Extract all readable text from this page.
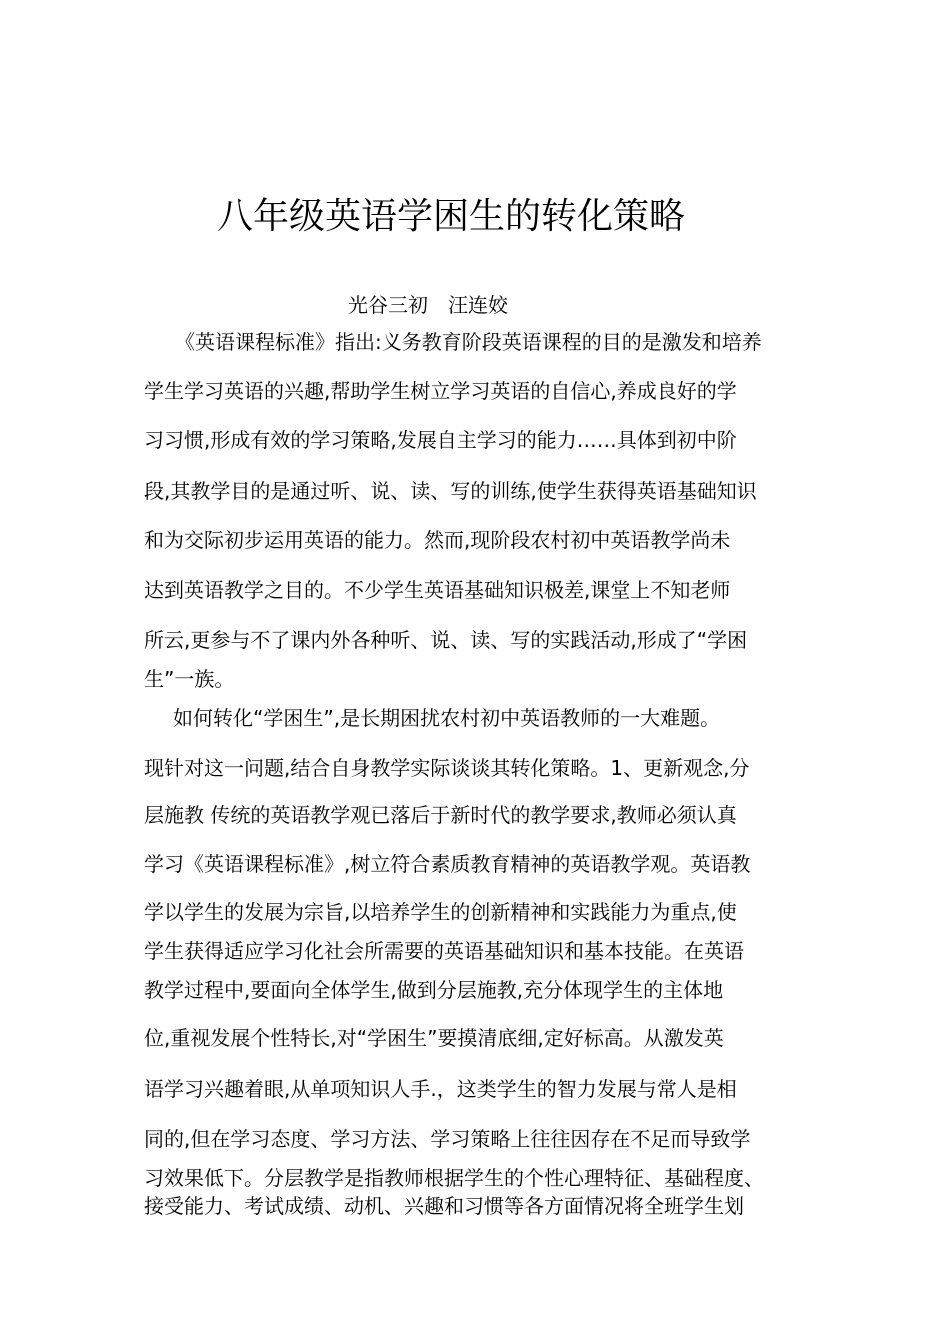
八年级英语学困生的转化策略
光谷三初　汪连姣
《英语课程标准》指出:义务教育阶段英语课程的目的是激发和培养
学生学习英语的兴趣,帮助学生树立学习英语的自信心,养成良好的学
习习惯,形成有效的学习策略,发展自主学习的能力……具体到初中阶
段,其教学目的是通过听、说、读、写的训练,使学生获得英语基础知识
和为交际初步运用英语的能力。然而,现阶段农村初中英语教学尚未
达到英语教学之目的。不少学生英语基础知识极差,课堂上不知老师
所云,更参与不了课内外各种听、说、读、写的实践活动,形成了“学困
生”一族。
如何转化“学困生”,是长期困扰农村初中英语教师的一大难题。
现针对这一问题,结合自身教学实际谈谈其转化策略。1、更新观念,分
层施教 传统的英语教学观已落后于新时代的教学要求,教师必须认真
学习《英语课程标准》,树立符合素质教育精神的英语教学观。英语教
学以学生的发展为宗旨,以培养学生的创新精神和实践能力为重点,使
学生获得适应学习化社会所需要的英语基础知识和基本技能。在英语
教学过程中,要面向全体学生,做到分层施教,充分体现学生的主体地
位,重视发展个性特长,对“学困生”要摸清底细,定好标高。从激发英
语学习兴趣着眼,从单项知识人手.，这类学生的智力发展与常人是相
同的,但在学习态度、学习方法、学习策略上往往因存在不足而导致学
习效果低下。分层教学是指教师根据学生的个性心理特征、基础程度、
接受能力、考试成绩、动机、兴趣和习惯等各方面情况将全班学生划
